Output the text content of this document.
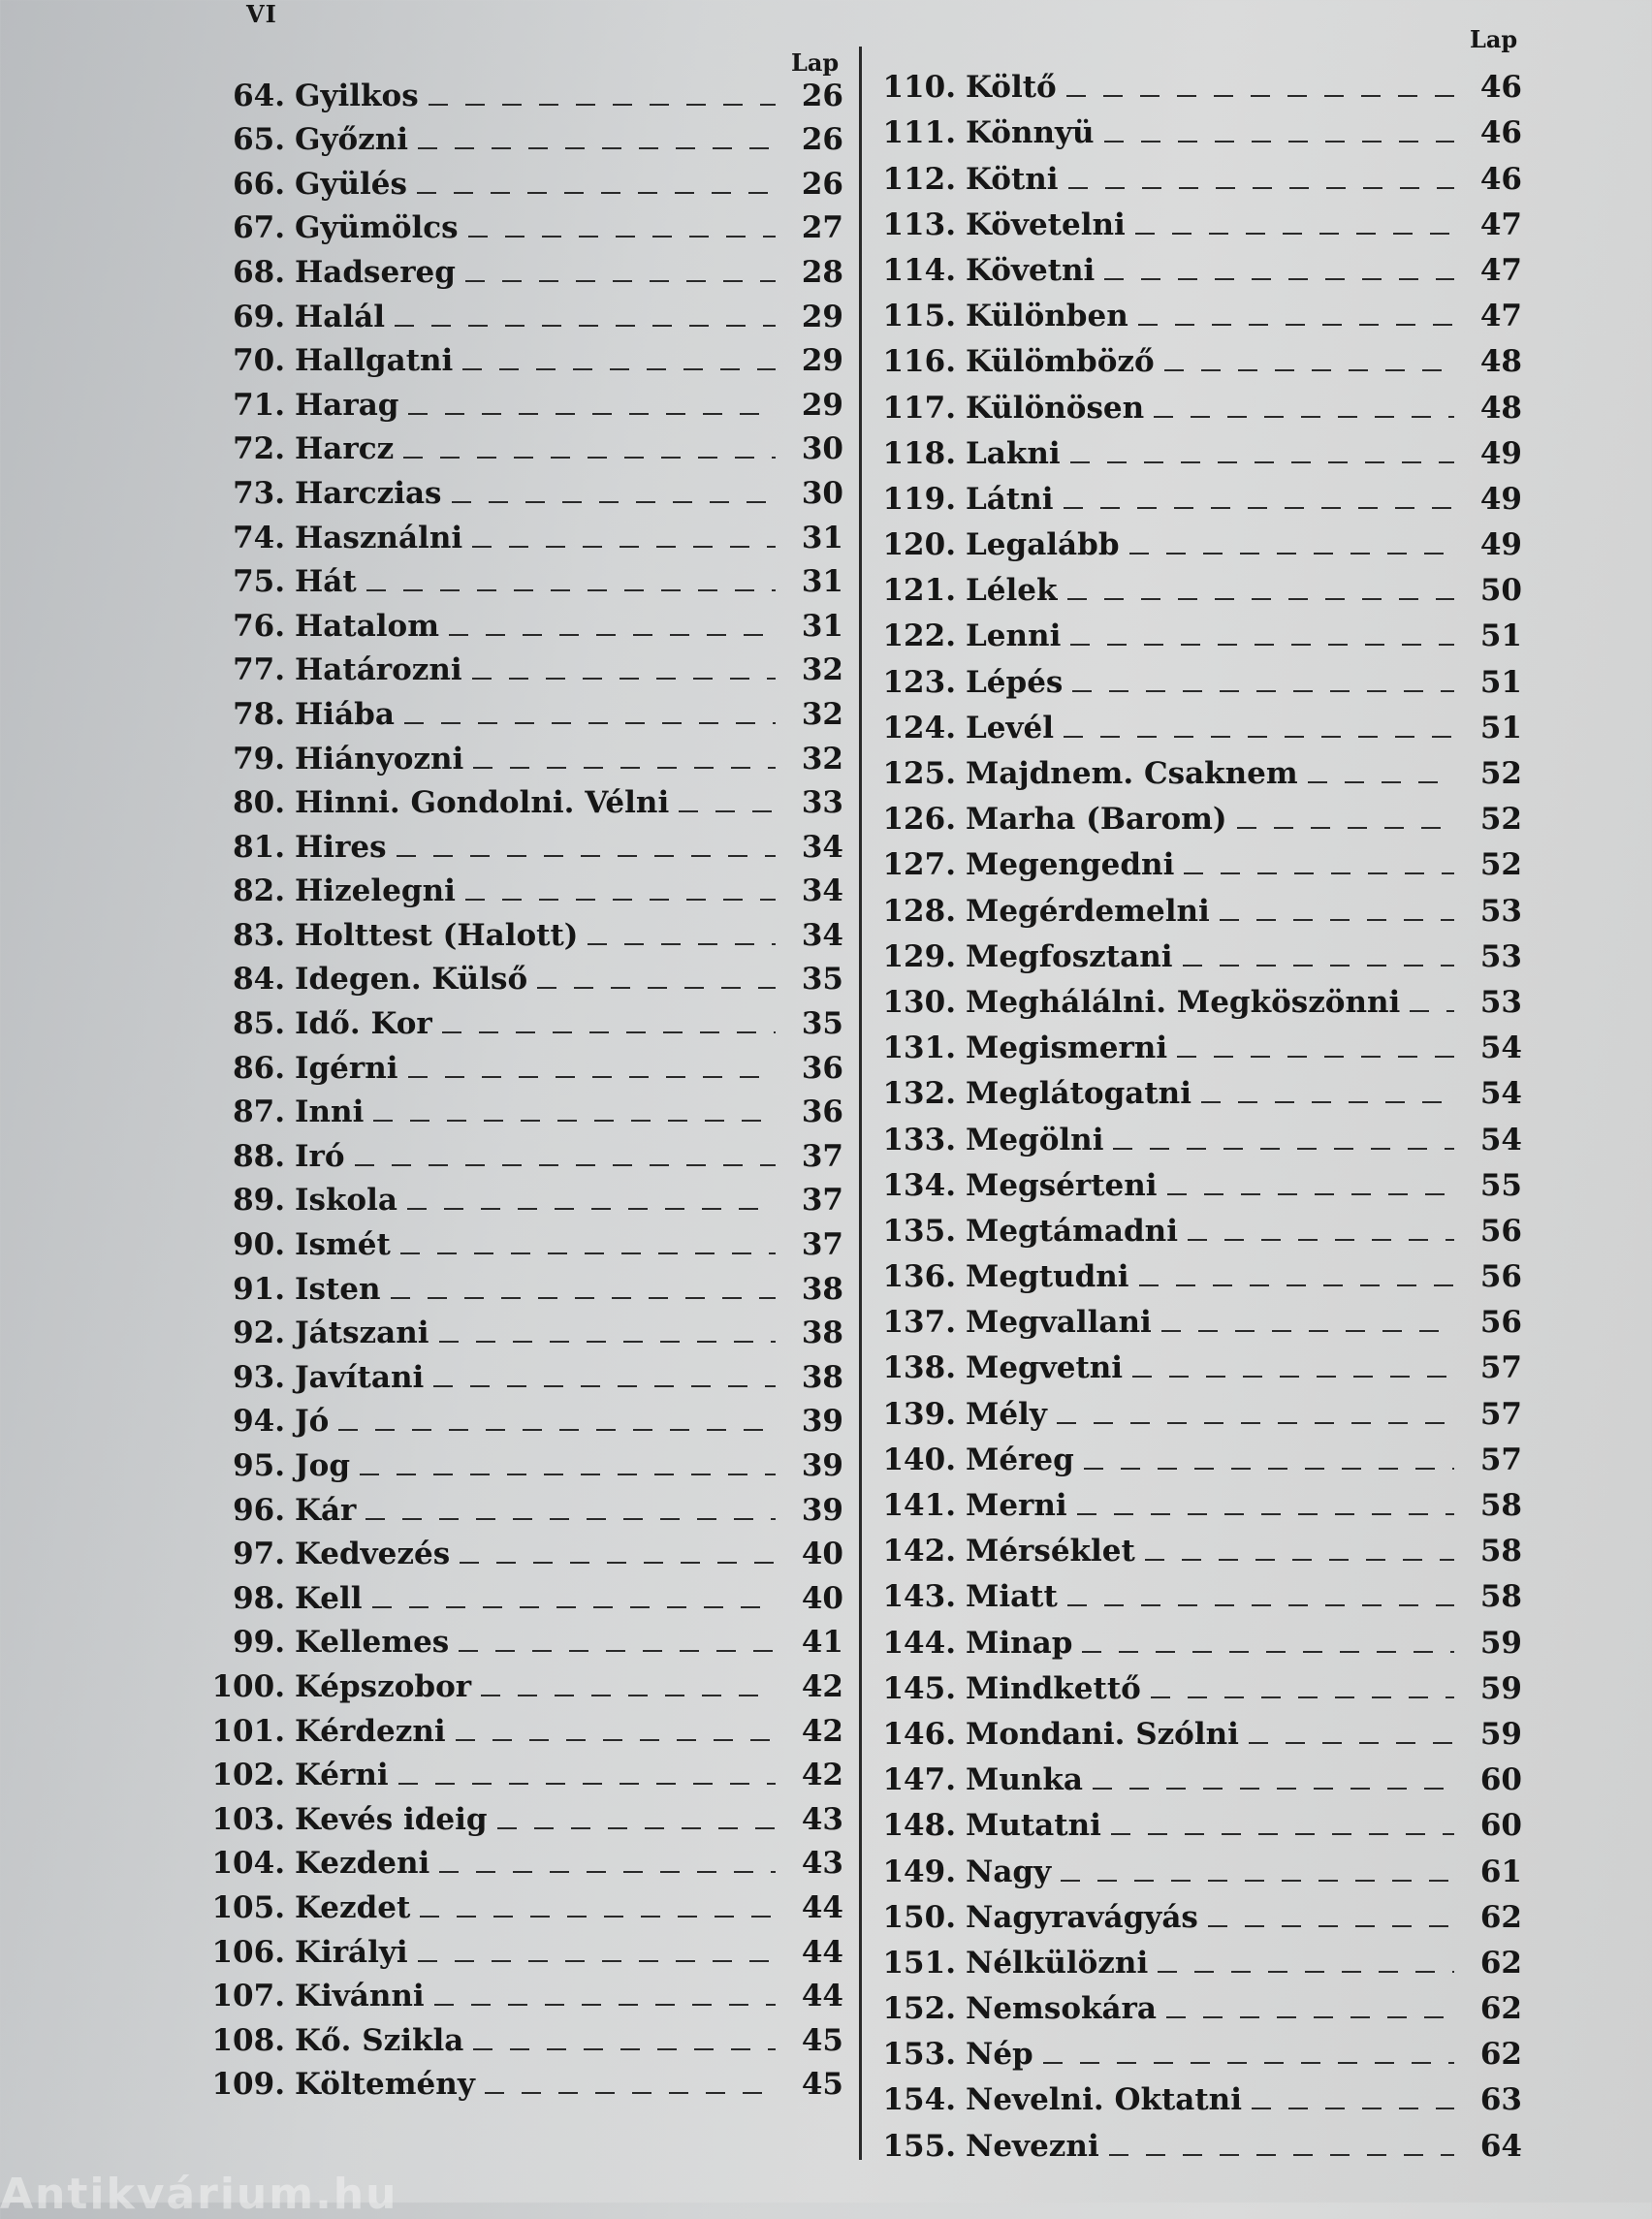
VI
Lap
64. Gyilkos	26
65. Győzni	26
66. Gyülés	26
67. Gyümölcs	27
68. Hadsereg	28
69. Halál	29
70. Hallgatni	29
71. Harag	29
72. Harcz	30
73. Harczias	30
74. Használni	31
75. Hát	31
76. Hatalom	31
77. Határozni	32
78. Hiába	32
79. Hiányozni	32
80. Hinni. Gondolni. Vélni	33
81. Hires	34
82. Hizelegni	34
83. Holttest (Halott)	34
84. Idegen. Külső	35
85. Idő. Kor	35
86. Igérni	36
87. Inni	36
88. Iró	37
89. Iskola	37
90. Ismét	37
91. Isten	38
92. Játszani	38
93. Javítani	38
94. Jó	39
95. Jog	39
96. Kár	39
97. Kedvezés	40
98. Kell	40
99. Kellemes	41
100. Képszobor	42
101. Kérdezni	42
102. Kérni	42
103. Kevés ideig	43
104. Kezdeni	43
105. Kezdet	44
106. Királyi	44
107. Kivánni	44
108. Kő. Szikla	45
109. Költemény	45
Lap
110. Költő	46
111. Könnyü	46
112. Kötni	46
113. Követelni	47
114. Követni	47
115. Különben	47
116. Külömböző	48
117. Különösen	48
118. Lakni	49
119. Látni	49
120. Legalább	49
121. Lélek	50
122. Lenni	51
123. Lépés	51
124. Levél	51
125. Majdnem. Csaknem	52
126. Marha (Barom)	52
127. Megengedni	52
128. Megérdemelni	53
129. Megfosztani	53
130. Meghálálni. Megköszönni	53
131. Megismerni	54
132. Meglátogatni	54
133. Megölni	54
134. Megsérteni	55
135. Megtámadni	56
136. Megtudni	56
137. Megvallani	56
138. Megvetni	57
139. Mély	57
140. Méreg	57
141. Merni	58
142. Mérséklet	58
143. Miatt	58
144. Minap	59
145. Mindkettő	59
146. Mondani. Szólni	59
147. Munka	60
148. Mutatni	60
149. Nagy	61
150. Nagyravágyás	62
151. Nélkülözni	62
152. Nemsokára	62
153. Nép	62
154. Nevelni. Oktatni	63
155. Nevezni	64
Antikvárium.hu
